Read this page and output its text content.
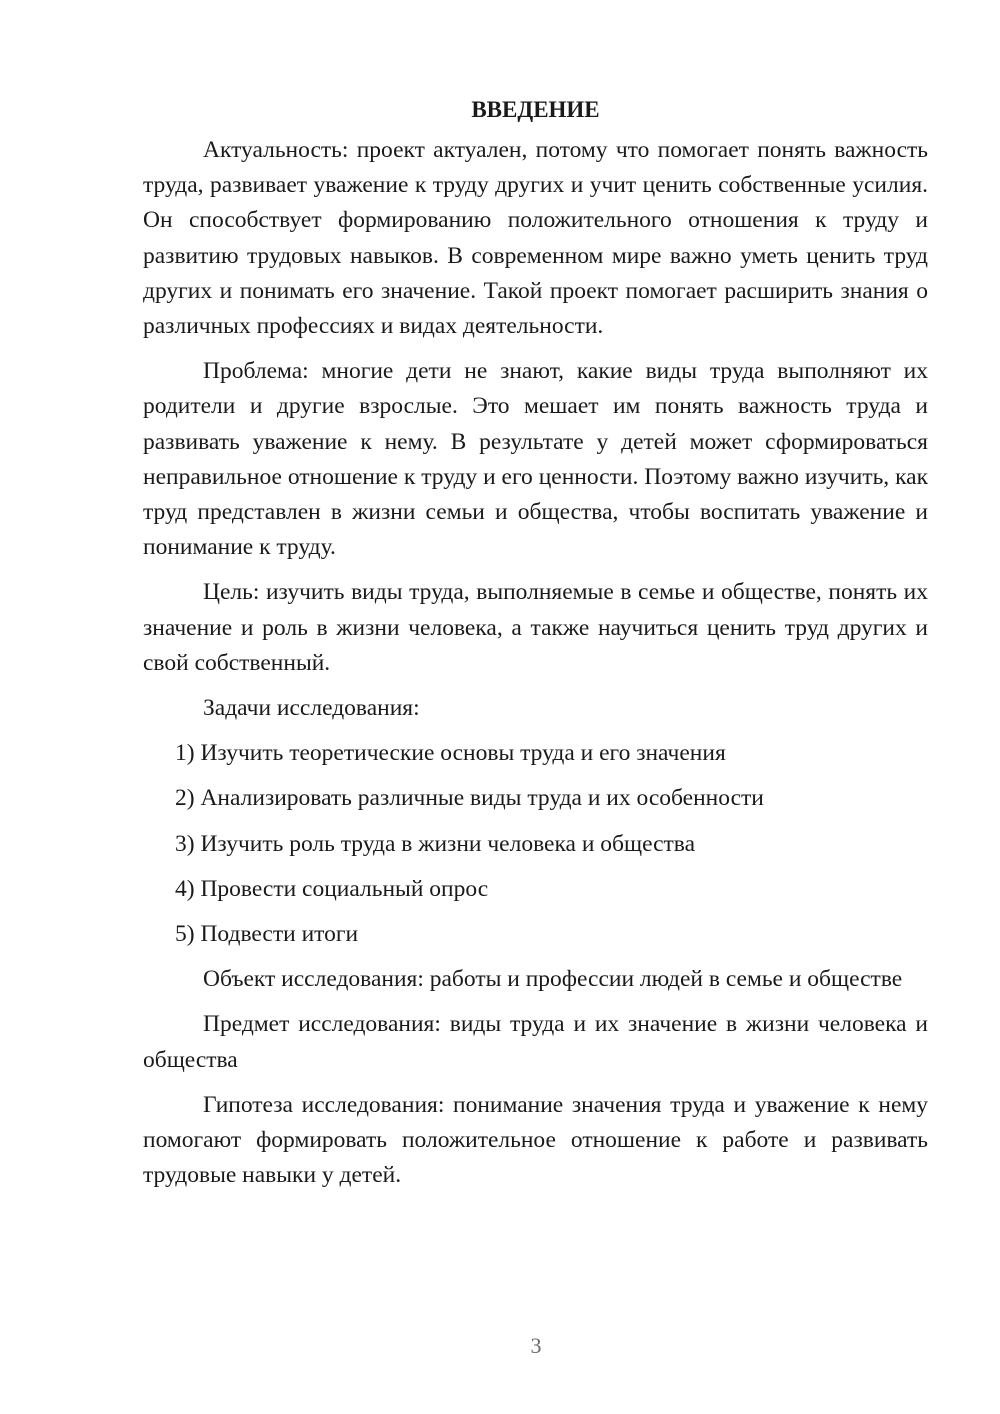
ВВЕДЕНИЕ

Актуальность: проект актуален, потому что помогает понять важность труда, развивает уважение к труду других и учит ценить собственные усилия. Он способствует формированию положительного отношения к труду и развитию трудовых навыков. В современном мире важно уметь ценить труд других и понимать его значение. Такой проект помогает расширить знания о различных профессиях и видах деятельности.

Проблема: многие дети не знают, какие виды труда выполняют их родители и другие взрослые. Это мешает им понять важность труда и развивать уважение к нему. В результате у детей может сформироваться неправильное отношение к труду и его ценности. Поэтому важно изучить, как труд представлен в жизни семьи и общества, чтобы воспитать уважение и понимание к труду.

Цель: изучить виды труда, выполняемые в семье и обществе, понять их значение и роль в жизни человека, а также научиться ценить труд других и свой собственный.

Задачи исследования:
1) Изучить теоретические основы труда и его значения
2) Анализировать различные виды труда и их особенности
3) Изучить роль труда в жизни человека и общества
4) Провести социальный опрос
5) Подвести итоги

Объект исследования: работы и профессии людей в семье и обществе

Предмет исследования: виды труда и их значение в жизни человека и общества

Гипотеза исследования: понимание значения труда и уважение к нему помогают формировать положительное отношение к работе и развивать трудовые навыки у детей.

3
